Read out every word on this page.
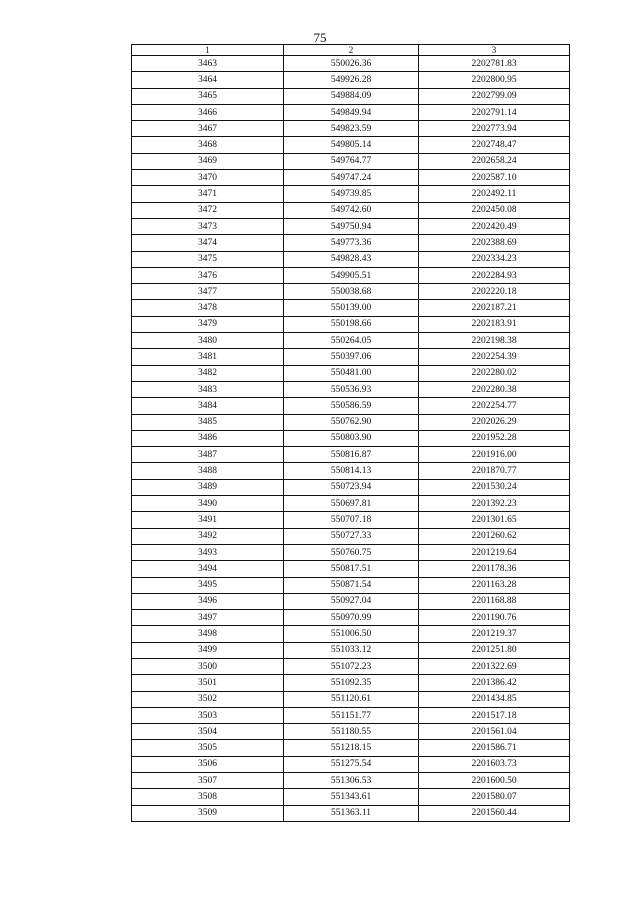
75
1	2	3
3463	550026.36	2202781.83
3464	549926.28	2202800.95
3465	549884.09	2202799.09
3466	549849.94	2202791.14
3467	549823.59	2202773.94
3468	549805.14	2202748.47
3469	549764.77	2202658.24
3470	549747.24	2202587.10
3471	549739.85	2202492.11
3472	549742.60	2202450.08
3473	549750.94	2202420.49
3474	549773.36	2202388.69
3475	549828.43	2202334.23
3476	549905.51	2202284.93
3477	550038.68	2202220.18
3478	550139.00	2202187.21
3479	550198.66	2202183.91
3480	550264.05	2202198.38
3481	550397.06	2202254.39
3482	550481.00	2202280.02
3483	550536.93	2202280.38
3484	550586.59	2202254.77
3485	550762.90	2202026.29
3486	550803.90	2201952.28
3487	550816.87	2201916.00
3488	550814.13	2201870.77
3489	550723.94	2201530.24
3490	550697.81	2201392.23
3491	550707.18	2201301.65
3492	550727.33	2201260.62
3493	550760.75	2201219.64
3494	550817.51	2201178.36
3495	550871.54	2201163.28
3496	550927.04	2201168.88
3497	550970.99	2201190.76
3498	551006.50	2201219.37
3499	551033.12	2201251.80
3500	551072.23	2201322.69
3501	551092.35	2201386.42
3502	551120.61	2201434.85
3503	551151.77	2201517.18
3504	551180.55	2201561.04
3505	551218.15	2201586.71
3506	551275.54	2201603.73
3507	551306.53	2201600.50
3508	551343.61	2201580.07
3509	551363.11	2201560.44
